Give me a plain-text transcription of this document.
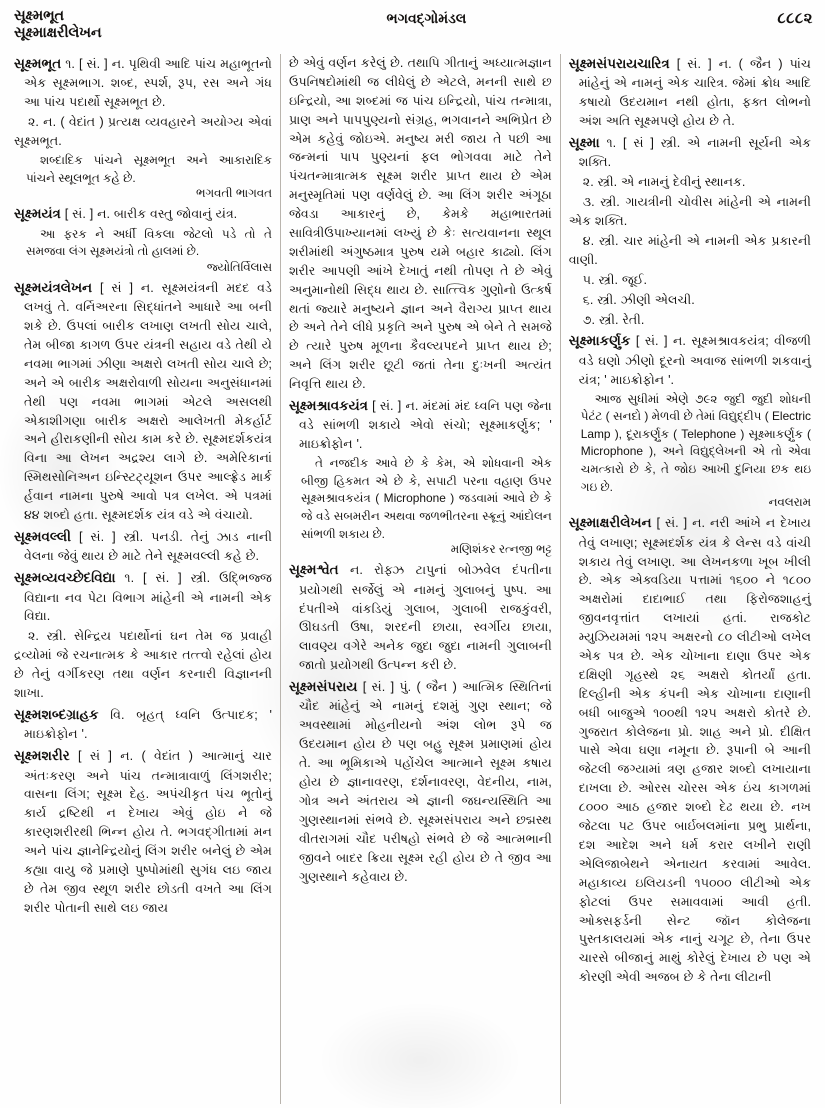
સૂક્ષ્મભૂત
સૂક્ષ્માક્ષરીલેખન
ભગવદ્‌ગોમંડલ	૮૮૮૨

સૂક્ષ્મભૂત ૧. [ સં. ] ન. પૃથિવી આદિ પાંચ મહાભૂતનો એક સૂક્ષ્મભાગ. શબ્દ, સ્પર્શ, રૂપ, રસ અને ગંધ આ પાંચ પદાર્થો સૂક્ષ્મભૂત છે.

૨. ન. ( વેદાંત ) પ્રત્યક્ષ વ્યવહારને અયોગ્ય એવાં સૂક્ષ્મભૂત.

શબ્દાદિક પાંચને સૂક્ષ્મભૂત અને આકારાદિક પાંચને સ્થૂલભૂત કહે છે.

ભગવતી ભાગવત

સૂક્ષ્મયંત્ર [ સં. ] ન. બારીક વસ્તુ જોવાનું યંત્ર.

આ ફરક ને અર્ધી વિકલા જેટલો પડે તો તે સમજવા લંગ સૂક્ષ્મયંત્રો તો હાલમાં છે.

જ્યોતિર્વિલાસ

સૂક્ષ્મયંત્રલેખન [ સં ] ન. સૂક્ષ્મયંત્રની મદદ વડે લખવું તે. વર્નિઅરના સિદ્ધાંતને આધારે આ બની શકે છે. ઉપલાં બારીક લખાણ લખતી સોય ચાલે, તેમ બીજા કાગળ ઉપર યંત્રની સહાય વડે તેથી યે નવમા ભાગમાં ઝીણા અક્ષરો લખતી સોય ચાલે છે; અને એ બારીક અક્ષરોવાળી સોયના અનુસંધાનમાં તેથી પણ નવમા ભાગમાં એટલે અસલથી એકાશીગણા બારીક અક્ષરો આલેખતી મેકર્હાર્ટ અને હીરાકણીની સોય કામ કરે છે. સૂક્ષ્મદર્શકયંત્ર વિના આ લેખન અદ્રશ્ય લાગે છે. અમેરિકાનાં સ્મિથસોનિઅન ઇન્સ્ટિટ્યૂશન ઉપર આલ્ફ્રેડ માર્ક ર્હવાન નામના પુરુષે આવો પત્ર લખેલ. એ પત્રમાં ૪૪ શબ્દો હતા. સૂક્ષ્મદર્શક યંત્ર વડે એ વંચાયો.

સૂક્ષ્મવલ્લી [ સં. ] સ્ત્રી. પનડી. તેનું ઝાડ નાની વેલના જેવું થાય છે માટે તેને સૂક્ષ્મવલ્લી કહે છે.

સૂક્ષ્મવ્યવચ્છેદવિદ્યા ૧. [ સં. ] સ્ત્રી. ઉદ્ભિજ્જ વિદ્યાના નવ પેટા વિભાગ માંહેની એ નામની એક વિદ્યા.

૨. સ્ત્રી. સેન્દ્રિય પદાર્થોનાં ઘન તેમ જ પ્રવાહી દ્રવ્યોમાં જે રચનાત્મક કે આકાર તત્ત્વો રહેલાં હોય છે તેનું વર્ગીકરણ તથા વર્ણન કરનારી વિજ્ઞાનની શાખા.

સૂક્ષ્મશબ્દગ્રાહક વિ. બૃહત્ ધ્વનિ ઉત્પાદક; ' માઇક્રોફોન '.

સૂક્ષ્મશરીર [ સં ] ન. ( વેદાંત ) આત્માનું ચાર અંતઃકરણ અને પાંચ તન્માત્રાવાળું લિંગશરીર; વાસના લિંગ; સૂક્ષ્મ દેહ. અપંચીકૃત પંચ ભૂતોનું કાર્ય દ્રષ્ટિથી ન દેખાય એવું હોઇ ને જે કારણશરીરથી ભિન્ન હોય તે. ભગવદ્ગીતામાં મન અને પાંચ જ્ઞાનેન્દ્રિયોનું લિંગ શરીર બનેલું છે એમ કહ્યા વાયુ જે પ્રમાણે પુષ્પોમાંથી સુગંધ લઇ જાય છે તેમ જીવ સ્થૂળ શરીર છોડતી વખતે આ લિંગ શરીર પોતાની સાથે લઇ જાય

છે એવું વર્ણન કરેલું છે. તથાપિ ગીતાનું અધ્યાત્મજ્ઞાન ઉપનિષદોમાંથી જ લીધેલું છે એટલે, મનની સાથે છ ઇન્દ્રિયો, આ શબ્દમાં જ પાંચ ઇન્દ્રિયો, પાંચ તન્માત્રા, પ્રાણ અને પાપપુણ્યનો સંગ્રહ, ભગવાનને અભિપ્રેત છે એમ કહેવું જોઇએ. મનુષ્ય મરી જાય તે પછી આ જન્મનાં પાપ પુણ્યનાં ફલ ભોગવવા માટે તેને પંચતન્માત્રાત્મક સૂક્ષ્મ શરીર પ્રાપ્ત થાય છે એમ મનુસ્મૃતિમાં પણ વર્ણવેલું છે. આ લિંગ શરીર અંગૂઠા જેવડા આકારનું છે, કેમકે મહાભારતમાં સાવિત્રીઉપાખ્યાનમાં લખ્યું છે કેઃ સત્યવાનના સ્થૂલ શરીમાંથી અંગુષ્ઠમાત્ર પુરુષ યમે બહાર કાઢ્યો. લિંગ શરીર આપણી આંખે દેખાતું નથી તોપણ તે છે એવું અનુમાનોથી સિદ્ધ થાય છે. સાત્ત્વિક ગુણોનો ઉત્કર્ષ થતાં જ્યારે મનુષ્યને જ્ઞાન અને વૈરાગ્ય પ્રાપ્ત થાય છે અને તેને લીધે પ્રકૃતિ અને પુરુષ એ બેને તે સમજે છે ત્યારે પુરુષ મૂળના કૈવલ્યપદને પ્રાપ્ત થાય છે; અને લિંગ શરીર છૂટી જતાં તેના દુઃખની અત્યંત નિવૃત્તિ થાય છે.

સૂક્ષ્મશ્રાવકયંત્ર [ સં. ] ન. મંદમાં મંદ ધ્વનિ પણ જેના વડે સાંભળી શકાયે એવો સંચો; સૂક્ષ્માકર્ણુક; ' માઇક્રોફોન '.

તે નજદીક આવે છે કે કેમ, એ શોધવાની એક બીજી હિકમત એ છે કે, સપાટી પરના વહાણ ઉપર સૂક્ષ્મશ્રાવકયંત્ર ( Microphone ) જડવામાં આવે છે કે જે વડે સબમરીન અથવા જળભીતરના સ્ક્રૂનું આંદોલન સાંભળી શકાય છે.

મણિશંકર રત્નજી ભટ્ટ

સૂક્ષ્મશ્વેત ન. રોફ્ઝ ટાપુનાં બોઝવેલ દંપતીના પ્રયોગથી સર્જેલું એ નામનું ગુલાબનું પુષ્પ. આ દંપતીએ વાંકડિયું ગુલાબ, ગુલાબી રાજકુંવરી, ઊઘડતી ઉષા, શરદની છાયા, સ્વર્ગીય છાયા, લાવણ્ય વગેરે અનેક જુદા જુદા નામની ગુલાબની જાતો પ્રયોગથી ઉત્પન્ન કરી છે.

સૂક્ષ્મસંપરાય [ સં. ] પું. ( જૈન ) આત્મિક સ્થિતિનાં ચૌદ માંહેનું એ નામનું દશમું ગુણ સ્થાન; જે અવસ્થામાં મોહનીયનો અંશ લોભ રૂપે જ ઉદયમાન હોય છે પણ બહુ સૂક્ષ્મ પ્રમાણમાં હોય તે. આ ભૂમિકાએ પહોંચેલ આત્માને સૂક્ષ્મ કષાય હોય છે જ્ઞાનાવરણ, દર્શનાવરણ, વેદનીય, નામ, ગોત્ર અને અંતરાય એ જ્ઞાની જઘન્યસ્થિતિ આ ગુણસ્થાનમાં સંભવે છે. સૂક્ષ્મસંપરાય અને છદ્મસ્થ વીતરાગમાં ચૌદ પરીષહો સંભવે છે જે આત્મભાની જીવને બાદર ક્રિયા સૂક્ષ્મ રહી હોય છે તે જીવ આ ગુણસ્થાને કહેવાય છે.

સૂક્ષ્મસંપરાયચારિત્ર [ સં. ] ન. ( જૈન ) પાંચ માંહેનું એ નામનું એક ચારિત્ર. જેમાં ક્રોધ આદિ કષાયો ઉદયમાન નથી હોતા, ફક્ત લોભનો અંશ અતિ સૂક્ષ્મપણે હોય છે તે.

સૂક્ષ્મા ૧. [ સં ] સ્ત્રી. એ નામની સૂર્યની એક શક્તિ.

૨. સ્ત્રી. એ નામનું દેવીનું સ્થાનક.

૩. સ્ત્રી. ગાયત્રીની ચોવીસ માંહેની એ નામની એક શક્તિ.

૪. સ્ત્રી. ચાર માંહેની એ નામની એક પ્રકારની વાણી.

૫. સ્ત્રી. જૂઈ.

૬. સ્ત્રી. ઝીણી એલચી.

૭. સ્ત્રી. રેતી.

સૂક્ષ્માકર્ણુક [ સં. ] ન. સૂક્ષ્મશ્રાવકયંત્ર; વીજળી વડે ઘણો ઝીણો દૂરનો અવાજ સાંભળી શકવાનું યંત્ર; ' માઇક્રોફોન '.

આજ સુધીમાં એણે ૭૯૨ જુદી જુદી શોધની પેટંટ ( સનદો ) મેળવી છે તેમાં વિદ્યુદ્દીપ ( Electric Lamp ), દૂરાકર્ણુક ( Telephone ) સૂક્ષ્માકર્ણુક ( Microphone ), અને વિદ્યુદ્લેખની એ તો એવા ચમત્કારો છે કે, તે જોઇ આખી દુનિયા છક થઇ ગઇ છે.

નવલરામ

સૂક્ષ્માક્ષરીલેખન [ સં. ] ન. નરી આંખે ન દેખાય તેવું લખાણ; સૂક્ષ્મદર્શક યંત્ર કે લેન્સ વડે વાંચી શકાય તેવું લખાણ. આ લેખનકળા ખૂબ ખીલી છે. એક એક્વડિયા પત્તામાં ૧૬૦૦ ને ૧૮૦૦ અક્ષરોમાં દાદાભાઈ તથા ફિરોજશાહનું જીવનવૃત્તાંત લખાયાં હતાં. રાજકોટ મ્યુઝિયમમાં ૧૨૫ અક્ષરનો ૮૦ લીટીઓ લખેલ એક પત્ર છે. એક ચોખાના દાણા ઉપર એક દક્ષિણી ગૃહસ્થે ૨૬ અક્ષરો કોતર્યાં હતા. દિલ્હીની એક કંપની એક ચોખાના દાણાની બધી બાજુએ ૧૦૦થી ૧૨૫ અક્ષરો કોતરે છે. ગુજરાત કોલેજના પ્રો. શાહ અને પ્રો. દીક્ષિત પાસે એવા ઘણા નમૂના છે. રૂપાની બે આની જેટલી જગ્યામાં ત્રણ હજાર શબ્દો લખાયાના દાખલા છે. ઓરસ ચોરસ એક ઇંચ કાગળમાં ૮૦૦૦ આઠ હજાર શબ્દો દેઢ થયા છે. નખ જેટલા પટ ઉપર બાર્ઇબલમાંના પ્રભુ પ્રાર્થના, દશ આદેશ અને ધર્મ કરાર લખીને રાણી એલિજાબેથને એનાયત કરવામાં આવેલ. મહાકાવ્ય ઇલિયડની ૧૫૦૦૦ લીટીઓ એક ફોટલાં ઉપર સમાવવામાં આવી હતી. ઓક્સફર્ડની સેન્ટ જૉન કોલેજના પુસ્તકાલયમાં એક નાનું ચગૂટ છે, તેના ઉપર ચારસે બીજાનું માથું કોરેલું દેખાય છે પણ એ કોરણી એવી અજબ છે કે તેના લીટાની
